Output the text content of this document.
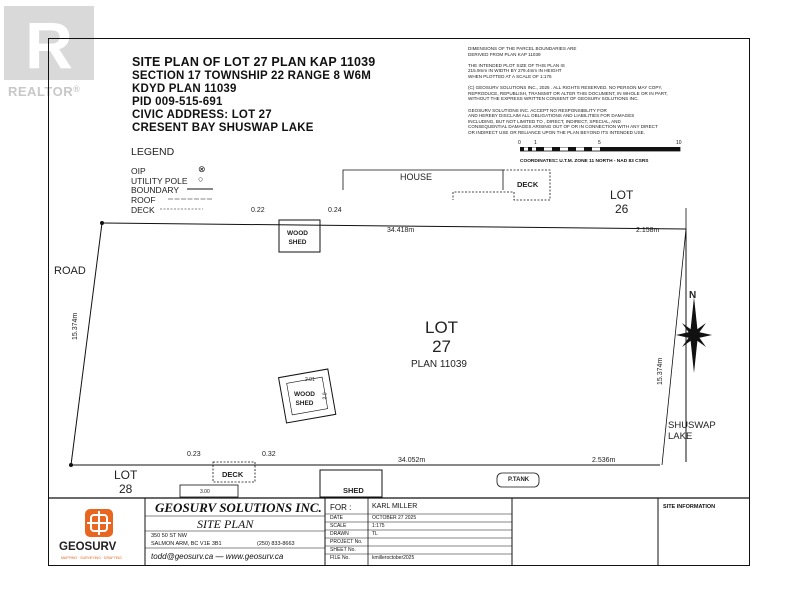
R
REALTOR®
SITE PLAN OF LOT 27 PLAN KAP 11039
SECTION 17 TOWNSHIP 22 RANGE 8 W6M
KDYD PLAN 11039
PID 009-515-691
CIVIC ADDRESS: LOT 27
CRESENT BAY SHUSWAP LAKE
DIMENSIONS OF THE PARCEL BOUNDARIES ARE
DERIVED FROM PLAN KAP 11039
THE INTENDED PLOT SIZE OF THIS PLAN IS
215.9mm IN WIDTH BY 279.4mm IN HEIGHT
WHEN PLOTTED AT A SCALE OF 1:175
(C) GEOSURV SOLUTIONS INC., 2025 . ALL RIGHTS RESERVED. NO PERSON MAY COPY,
REPRODUCE, REPUBLISH, TRANSMIT OR ALTER THIS DOCUMENT, IN WHOLE OR IN PART,
WITHOUT THE EXPRESS WRITTEN CONSENT OF GEOSURV SOLUTIONS INC.
GEOSURV SOLUTIONS INC. ACCEPT NO RESPONSIBILITY FOR
AND HEREBY DISCLAIM ALL OBLIGATIONS AND LIABILITIES FOR DAMAGES
INCLUDING, BUT NOT LIMITED TO , DIRECT, INDIRECT, SPECIAL, AND
CONSEQUENTIAL DAMAGES ARISING OUT OF OR IN CONNECTION WITH ANY DIRECT
OR INDIRECT USE OR RELIANCE UPON THE PLAN BEYOND ITS INTENDED USE.
0	1	5	10
COORDINATES= U.T.M. ZONE 11 NORTH - NAD 83 CSRS
LEGEND
OIP	⊗
UTILITY POLE ○
BOUNDARY
ROOF
DECK
HOUSE
DECK
LOT
26
0.22	0.24
WOOD
SHED
34.418m	2.158m
ROAD
15.374m	LOT
27
PLAN 11039
WOOD
SHED
2.01
2.0
15.374m
N
SHUSWAP
LAKE
0.23	0.32
34.052m	2.536m
LOT
28
DECK
3.00	SHED
P.TANK
GEOSURV
MAPPING · SURVEYING · DRAFTING
GEOSURV SOLUTIONS INC.
SITE PLAN
350 50 ST NW
SALMON ARM, BC V1E 3B1	(250) 833-8663
todd@geosurv.ca — www.geosurv.ca
FOR :	KARL MILLER
DATE	OCTOBER 27 2025
SCALE	1:175
DRAWN	TL
PROJECT No.
SHEET No.
FILE No.	kmilleroctober2025
SITE INFORMATION
